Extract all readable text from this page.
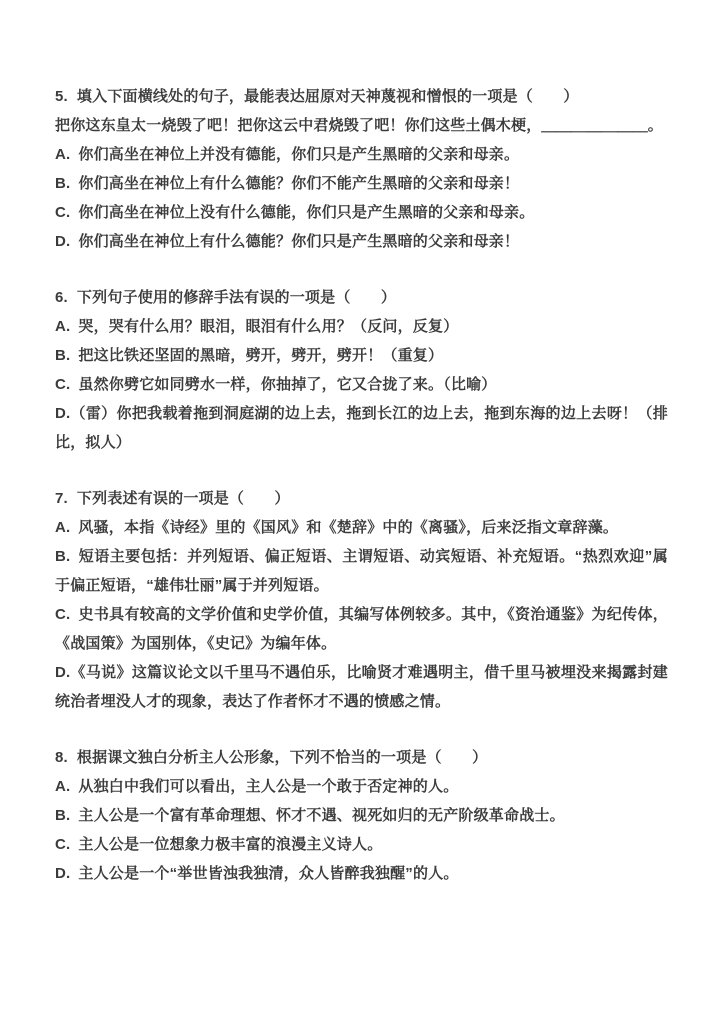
5. 填入下面横线处的句子，最能表达屈原对天神蔑视和憎恨的一项是（　　）

把你这东皇太一烧毁了吧！把你这云中君烧毁了吧！你们这些土偶木梗，＿＿＿＿＿＿＿。

A. 你们高坐在神位上并没有德能，你们只是产生黑暗的父亲和母亲。

B. 你们高坐在神位上有什么德能？你们不能产生黑暗的父亲和母亲！

C. 你们高坐在神位上没有什么德能，你们只是产生黑暗的父亲和母亲。

D. 你们高坐在神位上有什么德能？你们只是产生黑暗的父亲和母亲！

6. 下列句子使用的修辞手法有误的一项是（　　）

A. 哭，哭有什么用？眼泪，眼泪有什么用？（反问，反复）

B. 把这比铁还坚固的黑暗，劈开，劈开，劈开！（重复）

C. 虽然你劈它如同劈水一样，你抽掉了，它又合拢了来。（比喻）

D.（雷）你把我载着拖到洞庭湖的边上去，拖到长江的边上去，拖到东海的边上去呀！（排比，拟人）

7. 下列表述有误的一项是（　　）

A. 风骚，本指《诗经》里的《国风》和《楚辞》中的《离骚》，后来泛指文章辞藻。

B. 短语主要包括：并列短语、偏正短语、主谓短语、动宾短语、补充短语。“热烈欢迎”属于偏正短语，“雄伟壮丽”属于并列短语。

C. 史书具有较高的文学价值和史学价值，其编写体例较多。其中，《资治通鉴》为纪传体，《战国策》为国别体，《史记》为编年体。

D.《马说》这篇议论文以千里马不遇伯乐，比喻贤才难遇明主，借千里马被埋没来揭露封建统治者埋没人才的现象，表达了作者怀才不遇的愤感之情。

8. 根据课文独白分析主人公形象，下列不恰当的一项是（　　）

A. 从独白中我们可以看出，主人公是一个敢于否定神的人。

B. 主人公是一个富有革命理想、怀才不遇、视死如归的无产阶级革命战士。

C. 主人公是一位想象力极丰富的浪漫主义诗人。

D. 主人公是一个“举世皆浊我独清，众人皆醉我独醒”的人。
